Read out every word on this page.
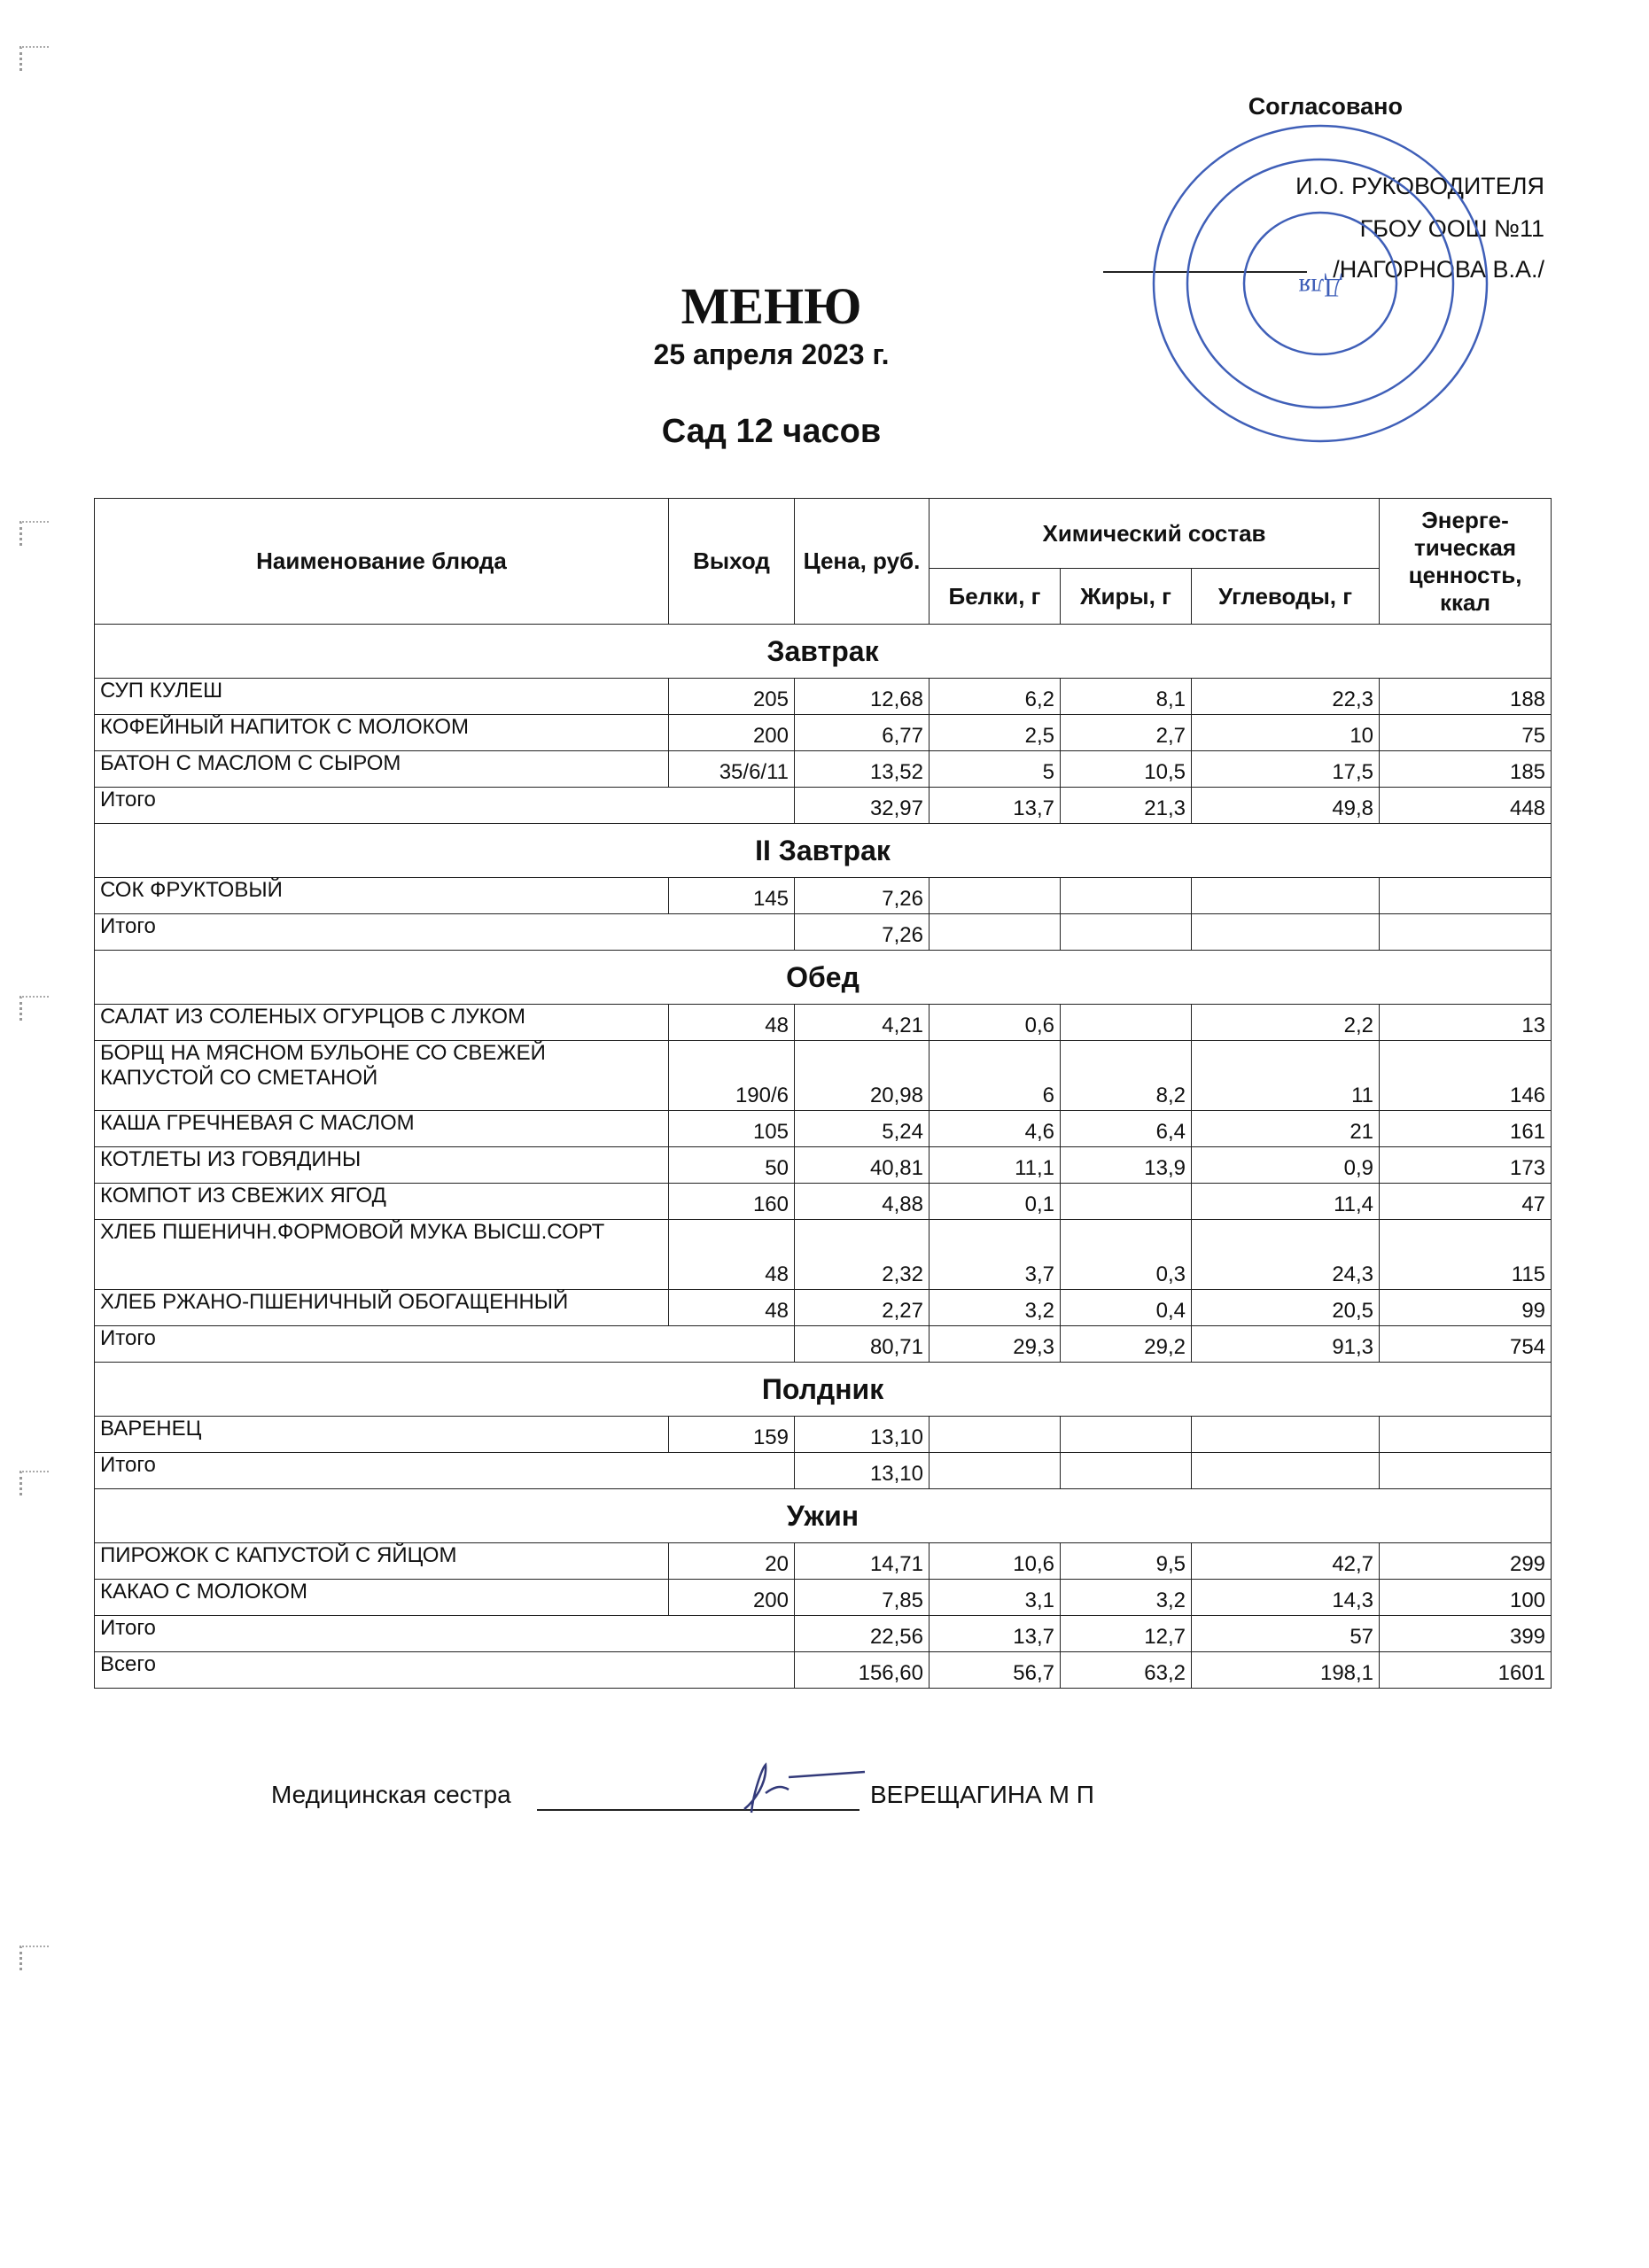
Согласовано
И.О. РУКОВОДИТЕЛЯ
ГБОУ ООШ №11
/НАГОРНОВА В.А./
Для
МЕНЮ
25 апреля 2023 г.
Сад 12 часов
Наименование блюда	Выход	Цена, руб.	Химический состав			Энерге-тическая ценность, ккал
			Белки, г	Жиры, г	Углеводы, г	
Завтрак						
СУП КУЛЕШ	205	12,68	6,2	8,1	22,3	188
КОФЕЙНЫЙ НАПИТОК С МОЛОКОМ	200	6,77	2,5	2,7	10	75
БАТОН С МАСЛОМ С СЫРОМ	35/6/11	13,52	5	10,5	17,5	185
Итого		32,97	13,7	21,3	49,8	448
II Завтрак						
СОК ФРУКТОВЫЙ	145	7,26				
Итого		7,26				
Обед						
САЛАТ ИЗ СОЛЕНЫХ ОГУРЦОВ С ЛУКОМ	48	4,21	0,6		2,2	13
БОРЩ НА МЯСНОМ БУЛЬОНЕ СО СВЕЖЕЙ КАПУСТОЙ СО СМЕТАНОЙ	190/6	20,98	6	8,2	11	146
КАША ГРЕЧНЕВАЯ С МАСЛОМ	105	5,24	4,6	6,4	21	161
КОТЛЕТЫ ИЗ ГОВЯДИНЫ	50	40,81	11,1	13,9	0,9	173
КОМПОТ ИЗ СВЕЖИХ ЯГОД	160	4,88	0,1		11,4	47
ХЛЕБ ПШЕНИЧН.ФОРМОВОЙ МУКА ВЫСШ.СОРТ	48	2,32	3,7	0,3	24,3	115
ХЛЕБ РЖАНО-ПШЕНИЧНЫЙ ОБОГАЩЕННЫЙ	48	2,27	3,2	0,4	20,5	99
Итого		80,71	29,3	29,2	91,3	754
Полдник						
ВАРЕНЕЦ	159	13,10				
Итого		13,10				
Ужин						
ПИРОЖОК С КАПУСТОЙ С ЯЙЦОМ	20	14,71	10,6	9,5	42,7	299
КАКАО С МОЛОКОМ	200	7,85	3,1	3,2	14,3	100
Итого		22,56	13,7	12,7	57	399
Всего		156,60	56,7	63,2	198,1	1601
Медицинская сестра	ВЕРЕЩАГИНА М П
